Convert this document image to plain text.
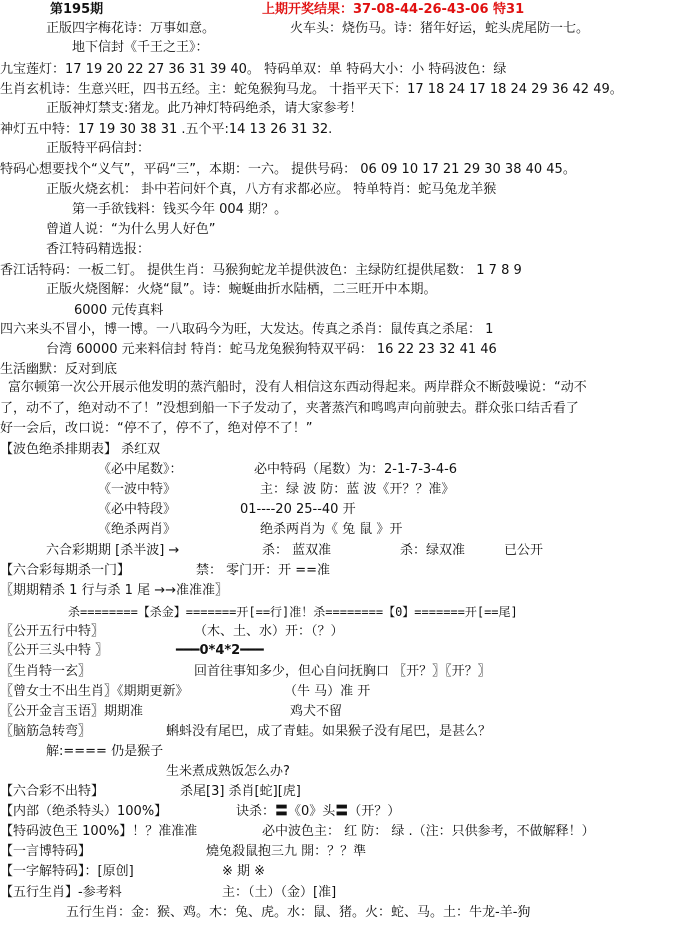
第195期	上期开奖结果：37-08-44-26-43-06 特31
正版四字梅花诗：万事如意。	火车头：烧伤马。诗：猪年好运，蛇头虎尾防一七。
地下信封《千王之王》：
九宝莲灯：17 19 20 22 27 36 31 39 40。 特码单双：单 特码大小：小 特码波色：绿
生肖玄机诗：生意兴旺，四书五经。主：蛇兔猴狗马龙。 十指平天下：17 18 24 17 18 24 29 36 42 49。
正版神灯禁支:猪龙。此乃神灯特码绝杀，请大家参考！
神灯五中特：17 19 30 38 31 .五个平:14 13 26 31 32.
正版特平码信封：
特码心想要找个“义气”，平码“三”，本期：一六。 提供号码： 06 09 10 17 21 29 30 38 40 45。
正版火烧玄机： 卦中若问奸个真，八方有求都必应。 特单特肖：蛇马兔龙羊猴
第一手欲钱料：钱买今年 004 期？。
曾道人说：“为什么男人好色”
香江特码精选报：
香江话特码：一板二钉。 提供生肖：马猴狗蛇龙羊提供波色：主绿防红提供尾数： 1 7 8 9
正版火烧图解：火烧“鼠”。诗：蜿蜒曲折水陆栖，二三旺开中本期。
6000 元传真料
四六来头不冒小，博一博。一八取码今为旺，大发达。传真之杀肖：鼠传真之杀尾： 1
台湾 60000 元来料信封 特肖：蛇马龙兔猴狗特双平码： 16 22 23 32 41 46
生活幽默：反对到底
富尔顿第一次公开展示他发明的蒸汽船时，没有人相信这东西动得起来。两岸群众不断鼓噪说：“动不
了，动不了，绝对动不了！”没想到船一下子发动了，夹著蒸汽和鸣鸣声向前驶去。群众张口结舌看了
好一会后，改口说：“停不了，停不了，绝对停不了！”
【波色绝杀排期表】 杀红双
《必中尾数》：	必中特码（尾数）为：2-1-7-3-4-6
《一波中特》	主：绿 波 防：蓝 波《开？？准》
《必中特段》	01----20 25--40 开
《绝杀两肖》	绝杀两肖为《 兔 鼠 》开
六合彩期期 [杀半波] →	杀： 蓝双准	杀：绿双准	已公开
【六合彩每期杀一门】	禁： 零门开：开 ==准
〖期期精杀 1 行与杀 1 尾 →→准准准〗
杀========【杀金】=======开[==行]准！杀========【0】=======开[==尾]
〖公开五行中特〗	（木、土、水）开：（？）
〖公开三头中特 〗	━━━0*4*2━━━
〖生肖特一玄〗	回首往事知多少，但心自问抚胸口 〖开？〗〖开？〗
〖曾女士不出生肖〗《期期更新》	（牛 马）准 开
〖公开金言玉语〗期期准	鸡犬不留
〖脑筋急转弯〗	蝌蚪没有尾巴，成了青蛙。如果猴子没有尾巴，是甚么？
解:==== 仍是猴子
生米煮成熟饭怎么办?
【六合彩不出特】	杀尾[3] 杀肖[蛇][虎]
【内部（绝杀特头）100%】	诀杀：〓《0》头〓（开？）
【特码波色王 100%】！？准准准	必中波色主： 红 防： 绿 .（注：只供参考，不做解释！）
【一言博特码】	燒兔殺鼠抱三九 開：？？準
【一字解特码】：[原创]	※ 期 ※
【五行生肖】-参考料	主：（土）（金）[准]
五行生肖：金：猴、鸡。木：兔、虎。水：鼠、猪。火：蛇、马。土：牛龙-羊-狗
